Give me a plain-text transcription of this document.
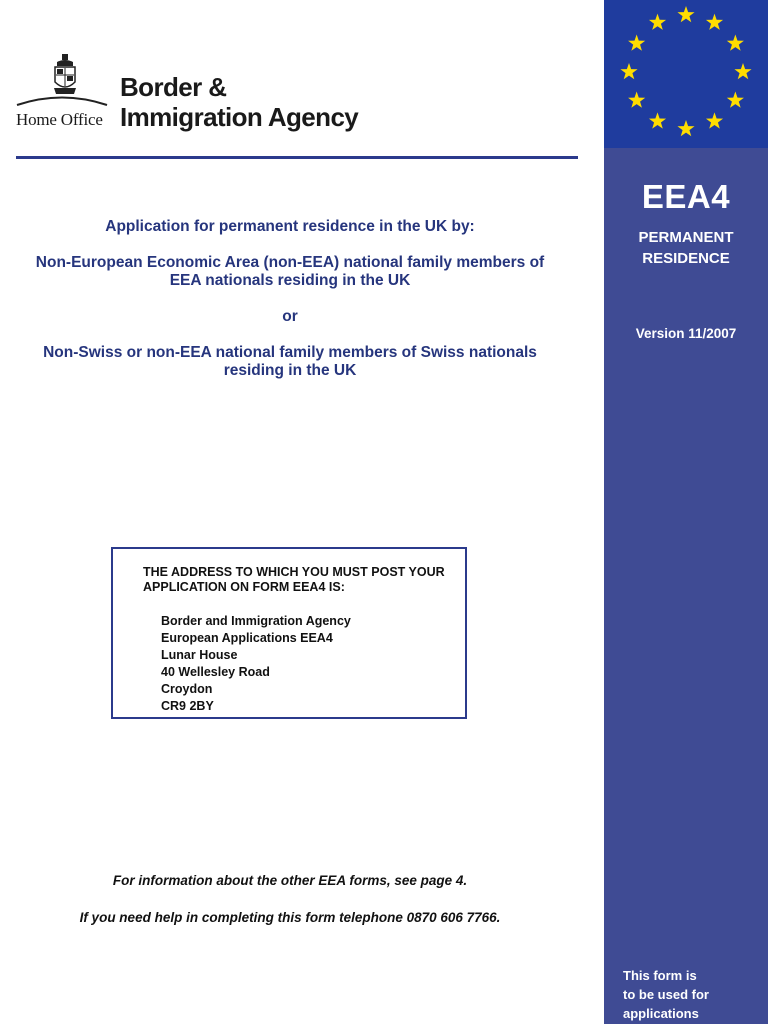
EEA4
PERMANENT
RESIDENCE
Version 11/2007
This form is
to be used for
applications
Home Office
Border &
Immigration Agency

Application for permanent residence in the UK by:

Non-European Economic Area (non-EEA) national family members of EEA nationals residing in the UK

or

Non-Swiss or non-EEA national family members of Swiss nationals residing in the UK

THE ADDRESS TO WHICH YOU MUST POST YOUR APPLICATION ON FORM EEA4 IS:
Border and Immigration Agency
European Applications EEA4
Lunar House
40 Wellesley Road
Croydon
CR9 2BY
For information about the other EEA forms, see page 4.
If you need help in completing this form telephone 0870 606 7766.
